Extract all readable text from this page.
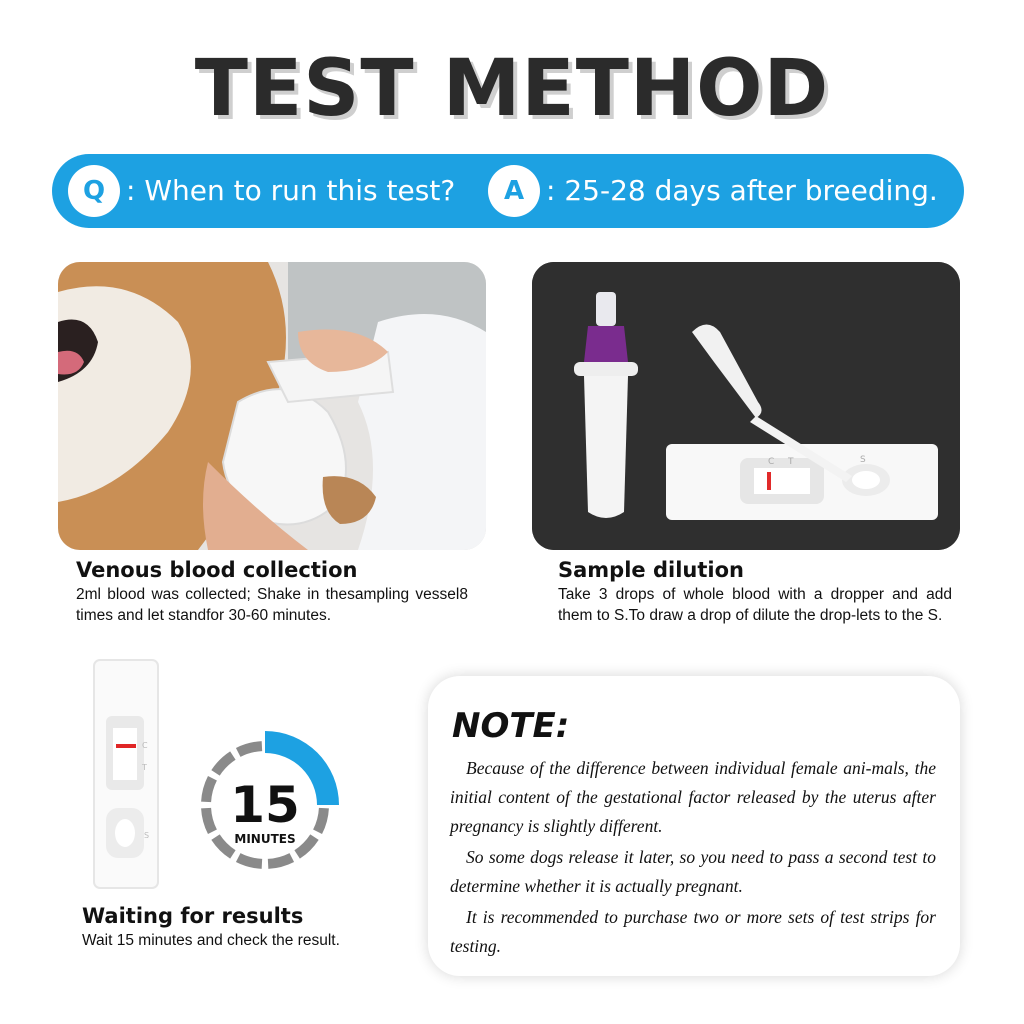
TEST METHOD
Q : When to run this test?	A : 25-28 days after breeding.
Venous blood collection
2ml blood was collected; Shake in thesampling vessel8 times and let standfor 30-60 minutes.
C T	S
Sample dilution
Take 3 drops of whole blood with a dropper and add them to S.To draw a drop of dilute the drop-lets to the S.
C
T
S
15
MINUTES
Waiting for results
Wait 15 minutes and check the result.
NOTE:

Because of the difference between individual female ani-mals, the initial content of the gestational factor released by the uterus after pregnancy is slightly different.

So some dogs release it later, so you need to pass a second test to determine whether it is actually pregnant.

It is recommended to purchase two or more sets of test strips for testing.
